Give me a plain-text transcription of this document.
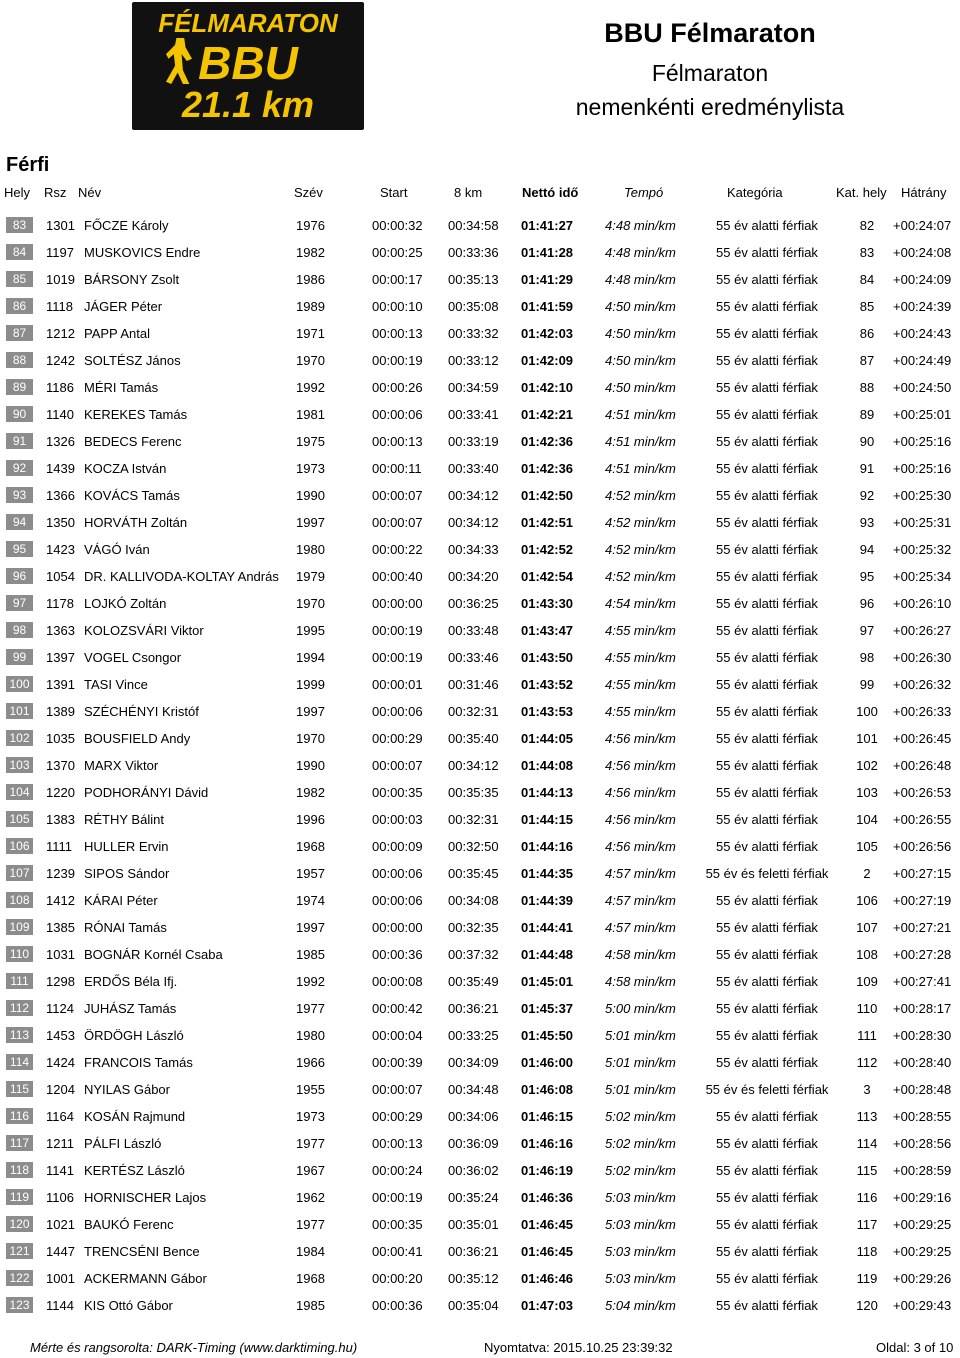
FÉLMARATON
BBU
21.1 km
BBU Félmaraton
Félmaraton
nemenkénti eredménylista
Férfi
Hely Rsz Név	Szév	Start	8 km	Nettó idő	Tempó	Kategória	Kat. hely Hátrány
83	1301 FŐCZE Károly	1976	00:00:32 00:34:58 01:41:27 4:48 min/km	55 év alatti férfiak	82	+00:24:07
84	1197 MUSKOVICS Endre	1982	00:00:25 00:33:36 01:41:28 4:48 min/km	55 év alatti férfiak	83	+00:24:08
85	1019 BÁRSONY Zsolt	1986	00:00:17 00:35:13 01:41:29 4:48 min/km	55 év alatti férfiak	84	+00:24:09
86	1118 JÁGER Péter	1989	00:00:10 00:35:08 01:41:59 4:50 min/km	55 év alatti férfiak	85	+00:24:39
87	1212 PAPP Antal	1971	00:00:13 00:33:32 01:42:03 4:50 min/km	55 év alatti férfiak	86	+00:24:43
88	1242 SOLTÉSZ János	1970	00:00:19 00:33:12 01:42:09 4:50 min/km	55 év alatti férfiak	87	+00:24:49
89	1186 MÉRI Tamás	1992	00:00:26 00:34:59 01:42:10 4:50 min/km	55 év alatti férfiak	88	+00:24:50
90	1140 KEREKES Tamás	1981	00:00:06 00:33:41 01:42:21 4:51 min/km	55 év alatti férfiak	89	+00:25:01
91	1326 BEDECS Ferenc	1975	00:00:13 00:33:19 01:42:36 4:51 min/km	55 év alatti férfiak	90	+00:25:16
92	1439 KOCZA István	1973	00:00:11 00:33:40 01:42:36 4:51 min/km	55 év alatti férfiak	91	+00:25:16
93	1366 KOVÁCS Tamás	1990	00:00:07 00:34:12 01:42:50 4:52 min/km	55 év alatti férfiak	92	+00:25:30
94	1350 HORVÁTH Zoltán	1997	00:00:07 00:34:12 01:42:51 4:52 min/km	55 év alatti férfiak	93	+00:25:31
95	1423 VÁGÓ Iván	1980	00:00:22 00:34:33 01:42:52 4:52 min/km	55 év alatti férfiak	94	+00:25:32
96	1054 DR. KALLIVODA-KOLTAY András	1979	00:00:40 00:34:20 01:42:54 4:52 min/km	55 év alatti férfiak	95	+00:25:34
97	1178 LOJKÓ Zoltán	1970	00:00:00 00:36:25 01:43:30 4:54 min/km	55 év alatti férfiak	96	+00:26:10
98	1363 KOLOZSVÁRI Viktor	1995	00:00:19 00:33:48 01:43:47 4:55 min/km	55 év alatti férfiak	97	+00:26:27
99	1397 VOGEL Csongor	1994	00:00:19 00:33:46 01:43:50 4:55 min/km	55 év alatti férfiak	98	+00:26:30
100 1391 TASI Vince	1999	00:00:01 00:31:46 01:43:52 4:55 min/km	55 év alatti férfiak	99	+00:26:32
101 1389 SZÉCHÉNYI Kristóf	1997	00:00:06 00:32:31 01:43:53 4:55 min/km	55 év alatti férfiak	100	+00:26:33
102 1035 BOUSFIELD Andy	1970	00:00:29 00:35:40 01:44:05 4:56 min/km	55 év alatti férfiak	101	+00:26:45
103 1370 MARX Viktor	1990	00:00:07 00:34:12 01:44:08 4:56 min/km	55 év alatti férfiak	102	+00:26:48
104 1220 PODHORÁNYI Dávid	1982	00:00:35 00:35:35 01:44:13 4:56 min/km	55 év alatti férfiak	103	+00:26:53
105 1383 RÉTHY Bálint	1996	00:00:03 00:32:31 01:44:15 4:56 min/km	55 év alatti férfiak	104	+00:26:55
106 1111 HULLER Ervin	1968	00:00:09 00:32:50 01:44:16 4:56 min/km	55 év alatti férfiak	105	+00:26:56
107 1239 SIPOS Sándor	1957	00:00:06 00:35:45 01:44:35 4:57 min/km	55 év és feletti férfiak	2	+00:27:15
108 1412 KÁRAI Péter	1974	00:00:06 00:34:08 01:44:39 4:57 min/km	55 év alatti férfiak	106	+00:27:19
109 1385 RÓNAI Tamás	1997	00:00:00 00:32:35 01:44:41 4:57 min/km	55 év alatti férfiak	107	+00:27:21
110	1031 BOGNÁR Kornél Csaba	1985	00:00:36 00:37:32 01:44:48 4:58 min/km	55 év alatti férfiak	108	+00:27:28
111	1298 ERDŐS Béla Ifj.	1992	00:00:08 00:35:49 01:45:01 4:58 min/km	55 év alatti férfiak	109	+00:27:41
112	1124 JUHÁSZ Tamás	1977	00:00:42 00:36:21 01:45:37 5:00 min/km	55 év alatti férfiak	110	+00:28:17
113	1453 ÖRDÖGH László	1980	00:00:04 00:33:25 01:45:50 5:01 min/km	55 év alatti férfiak	111	+00:28:30
114	1424 FRANCOIS Tamás	1966	00:00:39 00:34:09 01:46:00 5:01 min/km	55 év alatti férfiak	112	+00:28:40
115	1204 NYILAS Gábor	1955	00:00:07 00:34:48 01:46:08 5:01 min/km	55 év és feletti férfiak	3	+00:28:48
116	1164 KOSÁN Rajmund	1973	00:00:29 00:34:06 01:46:15 5:02 min/km	55 év alatti férfiak	113	+00:28:55
117	1211 PÁLFI László	1977	00:00:13 00:36:09 01:46:16 5:02 min/km	55 év alatti férfiak	114	+00:28:56
118	1141 KERTÉSZ László	1967	00:00:24 00:36:02 01:46:19 5:02 min/km	55 év alatti férfiak	115	+00:28:59
119	1106 HORNISCHER Lajos	1962	00:00:19 00:35:24 01:46:36 5:03 min/km	55 év alatti férfiak	116	+00:29:16
120 1021 BAUKÓ Ferenc	1977	00:00:35 00:35:01 01:46:45 5:03 min/km	55 év alatti férfiak	117	+00:29:25
121 1447 TRENCSÉNI Bence	1984	00:00:41 00:36:21 01:46:45 5:03 min/km	55 év alatti férfiak	118	+00:29:25
122 1001 ACKERMANN Gábor	1968	00:00:20 00:35:12 01:46:46 5:03 min/km	55 év alatti férfiak	119	+00:29:26
123 1144 KIS Ottó Gábor	1985	00:00:36 00:35:04 01:47:03 5:04 min/km	55 év alatti férfiak	120	+00:29:43
Mérte és rangsorolta: DARK-Timing (www.darktiming.hu)	Nyomtatva: 2015.10.25 23:39:32	Oldal: 3 of 10
